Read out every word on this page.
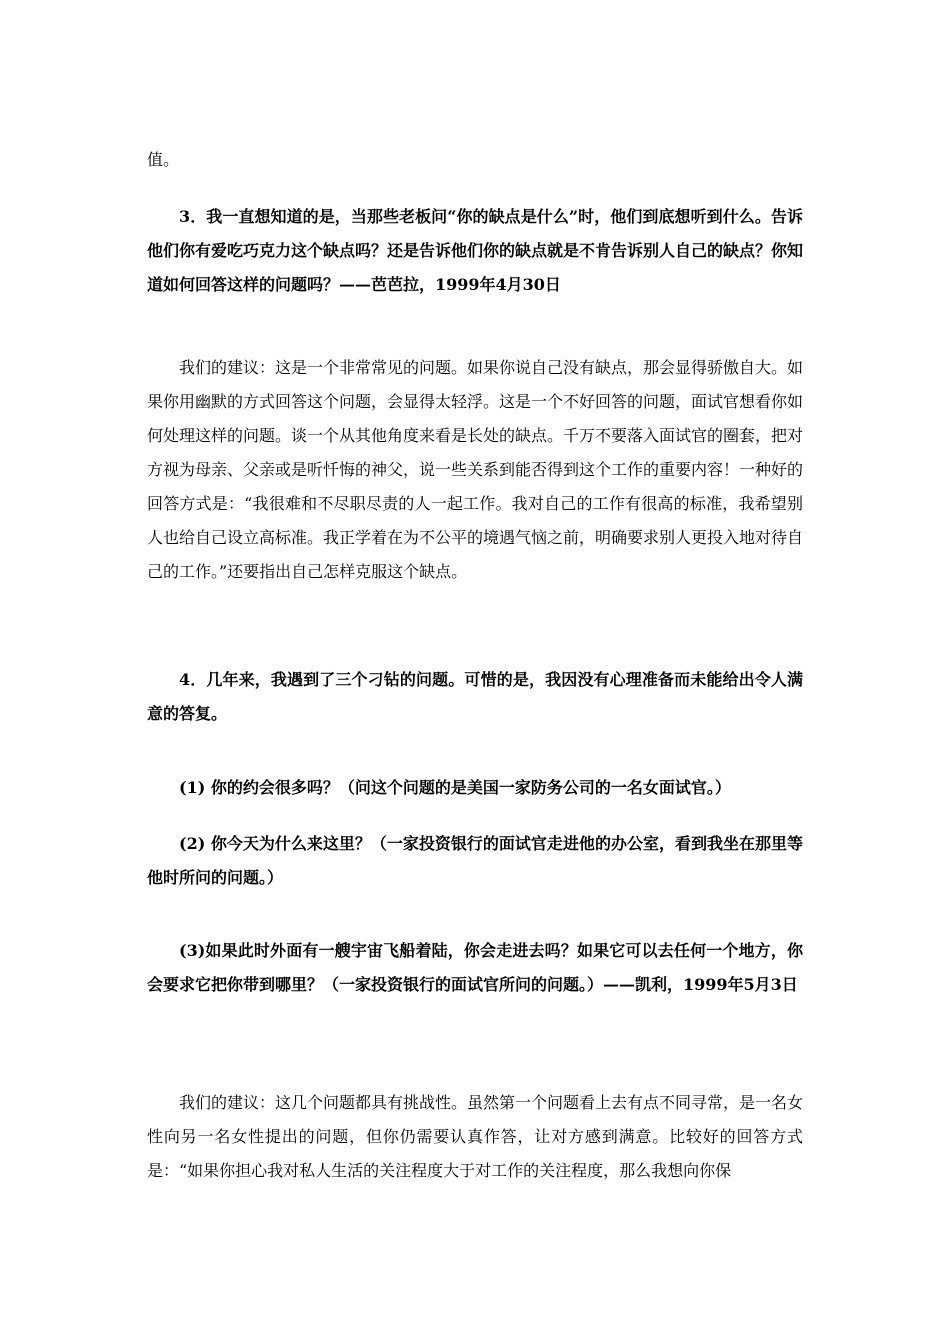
值。

3．我一直想知道的是，当那些老板问“你的缺点是什么”时，他们到底想听到什么。告诉他们你有爱吃巧克力这个缺点吗？还是告诉他们你的缺点就是不肯告诉别人自己的缺点？你知道如何回答这样的问题吗？——芭芭拉，1999年4月30日

我们的建议：这是一个非常常见的问题。如果你说自己没有缺点，那会显得骄傲自大。如果你用幽默的方式回答这个问题，会显得太轻浮。这是一个不好回答的问题，面试官想看你如何处理这样的问题。谈一个从其他角度来看是长处的缺点。千万不要落入面试官的圈套，把对方视为母亲、父亲或是听忏悔的神父，说一些关系到能否得到这个工作的重要内容！一种好的回答方式是：“我很难和不尽职尽责的人一起工作。我对自己的工作有很高的标准，我希望别人也给自己设立高标准。我正学着在为不公平的境遇气恼之前，明确要求别人更投入地对待自己的工作。”还要指出自己怎样克服这个缺点。

4．几年来，我遇到了三个刁钻的问题。可惜的是，我因没有心理准备而未能给出令人满意的答复。

(1) 你的约会很多吗？（问这个问题的是美国一家防务公司的一名女面试官。）

(2) 你今天为什么来这里？（一家投资银行的面试官走进他的办公室，看到我坐在那里等他时所问的问题。）

(3)如果此时外面有一艘宇宙飞船着陆，你会走进去吗？如果它可以去任何一个地方，你会要求它把你带到哪里？（一家投资银行的面试官所问的问题。）——凯利，1999年5月3日

我们的建议：这几个问题都具有挑战性。虽然第一个问题看上去有点不同寻常，是一名女性向另一名女性提出的问题，但你仍需要认真作答，让对方感到满意。比较好的回答方式是：“如果你担心我对私人生活的关注程度大于对工作的关注程度，那么我想向你保
